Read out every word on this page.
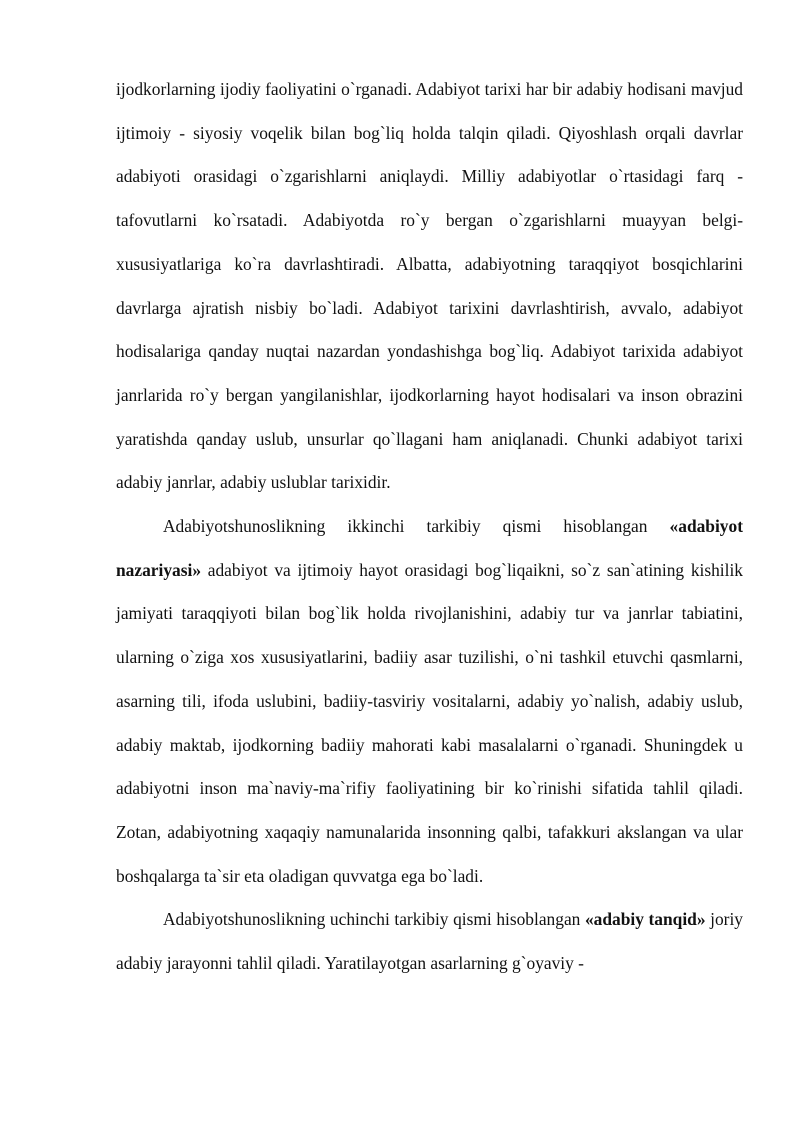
ijodkorlarning ijodiy faoliyatini o`rganadi. Adabiyot tarixi har bir adabiy hodisani mavjud ijtimoiy - siyosiy voqelik bilan bog`liq holda talqin qiladi. Qiyoshlash orqali davrlar adabiyoti orasidagi o`zgarishlarni aniqlaydi. Milliy adabiyotlar o`rtasidagi farq - tafovutlarni ko`rsatadi. Adabiyotda ro`y bergan o`zgarishlarni muayyan belgi-xususiyatlariga ko`ra davrlashtiradi. Albatta, adabiyotning taraqqiyot bosqichlarini davrlarga ajratish nisbiy bo`ladi. Adabiyot tarixini davrlashtirish, avvalo, adabiyot hodisalariga qanday nuqtai nazardan yondashishga bog`liq. Adabiyot tarixida adabiyot janrlarida ro`y bergan yangilanishlar, ijodkorlarning hayot hodisalari va inson obrazini yaratishda qanday uslub, unsurlar qo`llagani ham aniqlanadi. Chunki adabiyot tarixi adabiy janrlar, adabiy uslublar tarixidir.

Adabiyotshunoslikning ikkinchi tarkibiy qismi hisoblangan «adabiyot nazariyasi» adabiyot va ijtimoiy hayot orasidagi bog`liqaikni, so`z san`atining kishilik jamiyati taraqqiyoti bilan bog`lik holda rivojlanishini, adabiy tur va janrlar tabiatini, ularning o`ziga xos xususiyatlarini, badiiy asar tuzilishi, o`ni tashkil etuvchi qasmlarni, asarning tili, ifoda uslubini, badiiy-tasviriy vositalarni, adabiy yo`nalish, adabiy uslub, adabiy maktab, ijodkorning badiiy mahorati kabi masalalarni o`rganadi. Shuningdek u adabiyotni inson ma`naviy-ma`rifiy faoliyatining bir ko`rinishi sifatida tahlil qiladi. Zotan, adabiyotning xaqaqiy namunalarida insonning qalbi, tafakkuri akslangan va ular boshqalarga ta`sir eta oladigan quvvatga ega bo`ladi.

Adabiyotshunoslikning uchinchi tarkibiy qismi hisoblangan «adabiy tanqid» joriy adabiy jarayonni tahlil qiladi. Yaratilayotgan asarlarning g`oyaviy -
